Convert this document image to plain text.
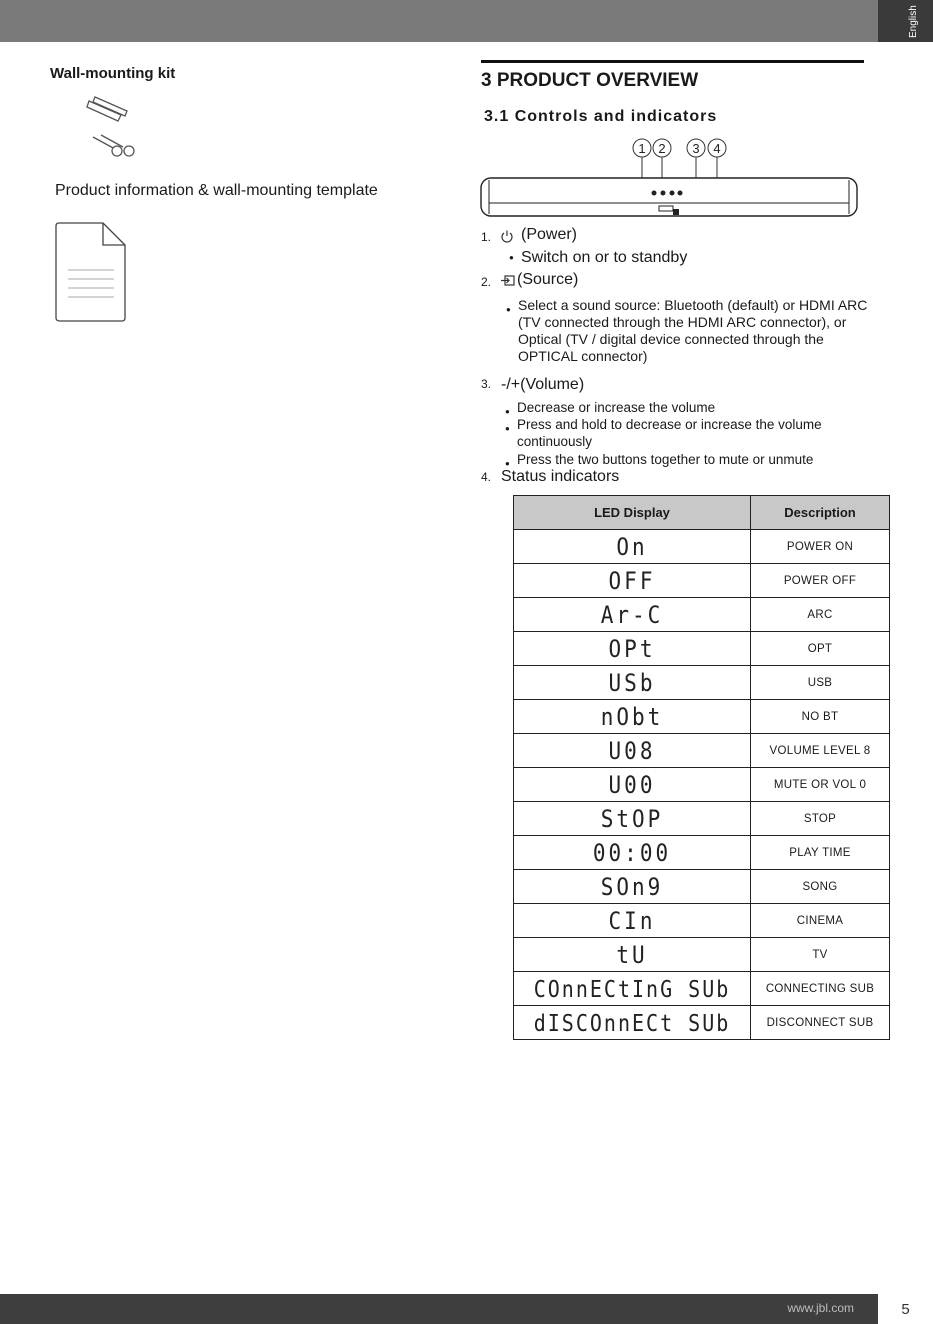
English
Wall-mounting kit
Product information & wall-mounting template
3 PRODUCT OVERVIEW
3.1 Controls and indicators
1 2 3 4
1. (Power)
● Switch on or to standby
2. (Source)
● Select a sound source: Bluetooth (default) or HDMI ARC
(TV connected through the HDMI ARC connector), or
Optical (TV / digital device connected through the
OPTICAL connector)
3. -/+(Volume)
● Decrease or increase the volume
● Press and hold to decrease or increase the volume
continuously
● Press the two buttons together to mute or unmute
4. Status indicators
LED Display	Description
On	POWER ON
OFF	POWER OFF
Ar-C	ARC
OPt	OPT
USb	USB
nObt	NO BT
U08	VOLUME LEVEL 8
U00	MUTE OR VOL 0
StOP	STOP
00:00	PLAY TIME
SOn9	SONG
CIn	CINEMA
tU	TV
COnnECtInG SUb	CONNECTING SUB
dISCOnnECt SUb	DISCONNECT SUB
www.jbl.com	5
